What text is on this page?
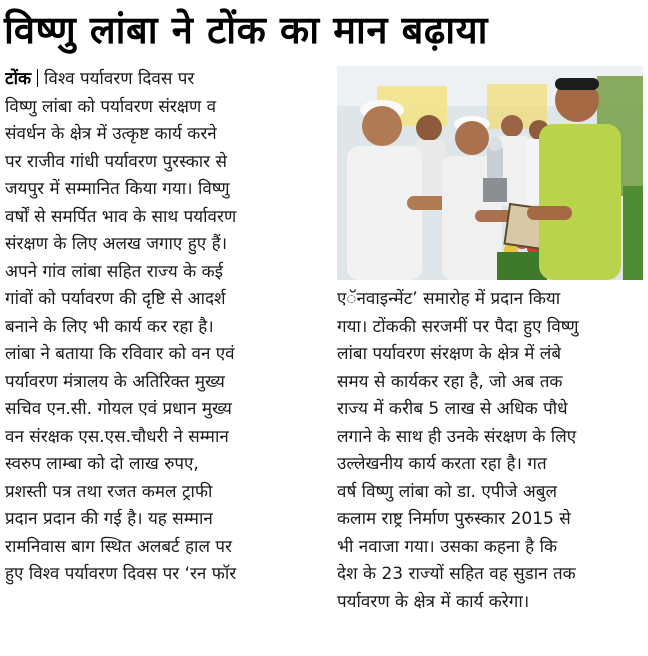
विष्णु लांबा ने टोंक का मान बढ़ाया
टोंक विश्व पर्यावरण दिवस पर
विष्णु लांबा को पर्यावरण संरक्षण व
संवर्धन के क्षेत्र में उत्कृष्ट कार्य करने
पर राजीव गांधी पर्यावरण पुरस्कार से
जयपुर में सम्मानित किया गया। विष्णु
वर्षों से समर्पित भाव के साथ पर्यावरण
संरक्षण के लिए अलख जगाए हुए हैं।
अपने गांव लांबा सहित राज्य के कई
गांवों को पर्यावरण की दृष्टि से आदर्श
बनाने के लिए भी कार्य कर रहा है।
लांबा ने बताया कि रविवार को वन एवं
पर्यावरण मंत्रालय के अतिरिक्त मुख्य
सचिव एन.सी. गोयल एवं प्रधान मुख्य
वन संरक्षक एस.एस.चौधरी ने सम्मान
स्वरुप लाम्बा को दो लाख रुपए,
प्रशस्ती पत्र तथा रजत कमल ट्राफी
प्रदान प्रदान की गई है। यह सम्मान
रामनिवास बाग स्थित अलबर्ट हाल पर
हुए विश्व पर्यावरण दिवस पर ‘रन फॉर
एॅनवाइन्मेंट’ समारोह में प्रदान किया
गया। टोंककी सरजमीं पर पैदा हुए विष्णु
लांबा पर्यावरण संरक्षण के क्षेत्र में लंबे
समय से कार्यकर रहा है, जो अब तक
राज्य में करीब 5 लाख से अधिक पौधे
लगाने के साथ ही उनके संरक्षण के लिए
उल्लेखनीय कार्य करता रहा है। गत
वर्ष विष्णु लांबा को डा. एपीजे अबुल
कलाम राष्ट्र निर्माण पुरुस्कार 2015 से
भी नवाजा गया। उसका कहना है कि
देश के 23 राज्यों सहित वह सुडान तक
पर्यावरण के क्षेत्र में कार्य करेगा।
